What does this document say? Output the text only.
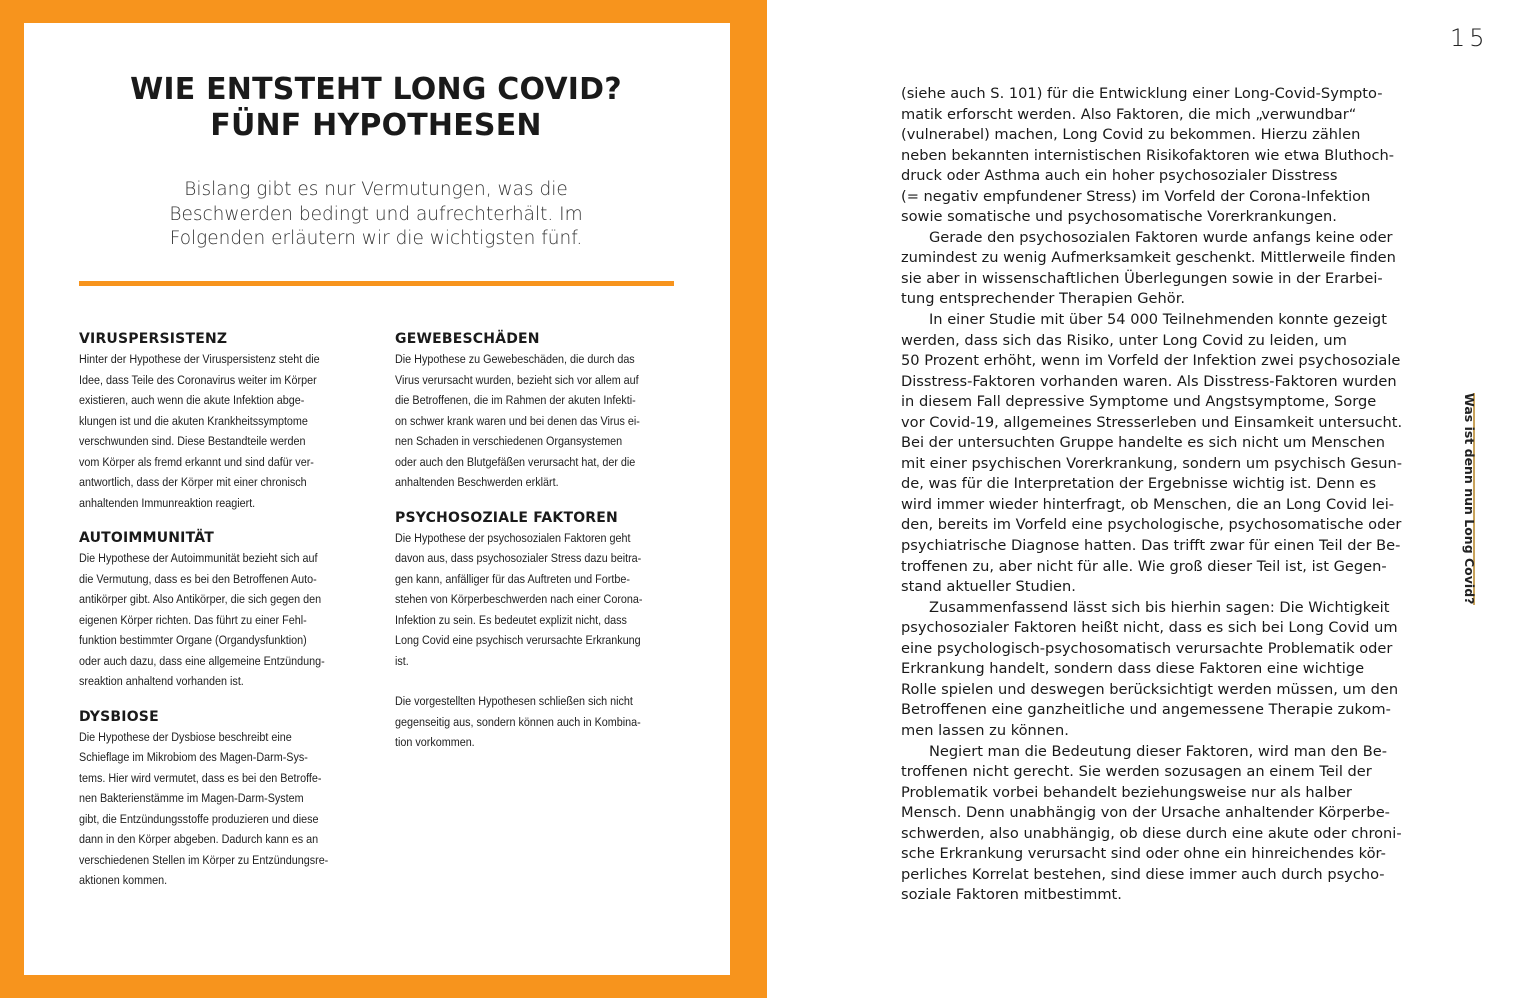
WIE ENTSTEHT LONG COVID?
FÜNF HYPOTHESEN
Bislang gibt es nur Vermutungen, was die
Beschwerden bedingt und aufrechterhält. Im
Folgenden erläutern wir die wichtigsten fünf.
VIRUSPERSISTENZ
Hinter der Hypothese der Viruspersistenz steht die
Idee, dass Teile des Coronavirus weiter im Körper
existieren, auch wenn die akute Infektion abge-
klungen ist und die akuten Krankheitssymptome
verschwunden sind. Diese Bestandteile werden
vom Körper als fremd erkannt und sind dafür ver-
antwortlich, dass der Körper mit einer chronisch
anhaltenden Immunreaktion reagiert.
AUTOIMMUNITÄT
Die Hypothese der Autoimmunität bezieht sich auf
die Vermutung, dass es bei den Betroffenen Auto-
antikörper gibt. Also Antikörper, die sich gegen den
eigenen Körper richten. Das führt zu einer Fehl-
funktion bestimmter Organe (Organdysfunktion)
oder auch dazu, dass eine allgemeine Entzündung-
sreaktion anhaltend vorhanden ist.
DYSBIOSE
Die Hypothese der Dysbiose beschreibt eine
Schieflage im Mikrobiom des Magen-Darm-Sys-
tems. Hier wird vermutet, dass es bei den Betroffe-
nen Bakterienstämme im Magen-Darm-System
gibt, die Entzündungsstoffe produzieren und diese
dann in den Körper abgeben. Dadurch kann es an
verschiedenen Stellen im Körper zu Entzündungsre-
aktionen kommen.
GEWEBESCHÄDEN
Die Hypothese zu Gewebeschäden, die durch das
Virus verursacht wurden, bezieht sich vor allem auf
die Betroffenen, die im Rahmen der akuten Infekti-
on schwer krank waren und bei denen das Virus ei-
nen Schaden in verschiedenen Organsystemen
oder auch den Blutgefäßen verursacht hat, der die
anhaltenden Beschwerden erklärt.
PSYCHOSOZIALE FAKTOREN
Die Hypothese der psychosozialen Faktoren geht
davon aus, dass psychosozialer Stress dazu beitra-
gen kann, anfälliger für das Auftreten und Fortbe-
stehen von Körperbeschwerden nach einer Corona-
Infektion zu sein. Es bedeutet explizit nicht, dass
Long Covid eine psychisch verursachte Erkrankung
ist.
Die vorgestellten Hypothesen schließen sich nicht
gegenseitig aus, sondern können auch in Kombina-
tion vorkommen.
15
(siehe auch S. 101) für die Entwicklung einer Long-Covid-Sympto-
matik erforscht werden. Also Faktoren, die mich „verwundbar“
(vulnerabel) machen, Long Covid zu bekommen. Hierzu zählen
neben bekannten internistischen Risikofaktoren wie etwa Bluthoch-
druck oder Asthma auch ein hoher psychosozialer Disstress
(= negativ empfundener Stress) im Vorfeld der Corona-Infektion
sowie somatische und psychosomatische Vorerkrankungen.
Gerade den psychosozialen Faktoren wurde anfangs keine oder
zumindest zu wenig Aufmerksamkeit geschenkt. Mittlerweile finden
sie aber in wissenschaftlichen Überlegungen sowie in der Erarbei-
tung entsprechender Therapien Gehör.
In einer Studie mit über 54 000 Teilnehmenden konnte gezeigt
werden, dass sich das Risiko, unter Long Covid zu leiden, um
50 Prozent erhöht, wenn im Vorfeld der Infektion zwei psychosoziale
Disstress-Faktoren vorhanden waren. Als Disstress-Faktoren wurden
in diesem Fall depressive Symptome und Angstsymptome, Sorge
vor Covid-19, allgemeines Stresserleben und Einsamkeit untersucht.
Bei der untersuchten Gruppe handelte es sich nicht um Menschen
mit einer psychischen Vorerkrankung, sondern um psychisch Gesun-
de, was für die Interpretation der Ergebnisse wichtig ist. Denn es
wird immer wieder hinterfragt, ob Menschen, die an Long Covid lei-
den, bereits im Vorfeld eine psychologische, psychosomatische oder
psychiatrische Diagnose hatten. Das trifft zwar für einen Teil der Be-
troffenen zu, aber nicht für alle. Wie groß dieser Teil ist, ist Gegen-
stand aktueller Studien.
Zusammenfassend lässt sich bis hierhin sagen: Die Wichtigkeit
psychosozialer Faktoren heißt nicht, dass es sich bei Long Covid um
eine psychologisch-psychosomatisch verursachte Problematik oder
Erkrankung handelt, sondern dass diese Faktoren eine wichtige
Rolle spielen und deswegen berücksichtigt werden müssen, um den
Betroffenen eine ganzheitliche und angemessene Therapie zukom-
men lassen zu können.
Negiert man die Bedeutung dieser Faktoren, wird man den Be-
troffenen nicht gerecht. Sie werden sozusagen an einem Teil der
Problematik vorbei behandelt beziehungsweise nur als halber
Mensch. Denn unabhängig von der Ursache anhaltender Körperbe-
schwerden, also unabhängig, ob diese durch eine akute oder chroni-
sche Erkrankung verursacht sind oder ohne ein hinreichendes kör-
perliches Korrelat bestehen, sind diese immer auch durch psycho-
soziale Faktoren mitbestimmt.
Was ist denn nun Long Covid?
